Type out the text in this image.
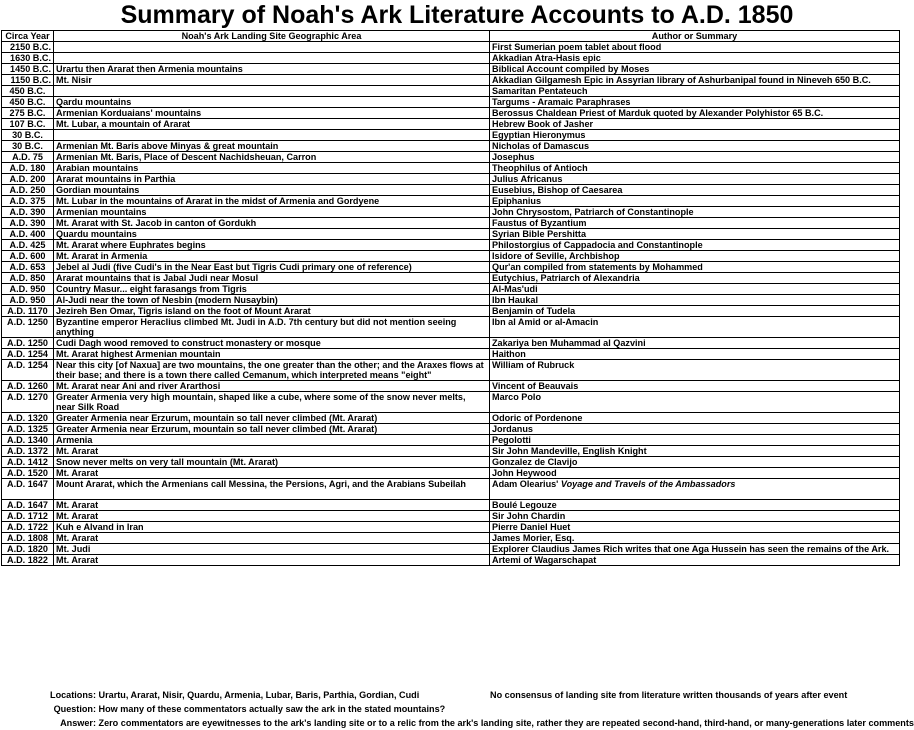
Summary of Noah's Ark Literature Accounts to A.D. 1850
Circa Year	Noah's Ark Landing Site Geographic Area	Author or Summary
2150 B.C.		First Sumerian poem tablet about flood
1630 B.C.		Akkadian Atra-Hasis epic
1450 B.C.	Urartu then Ararat then Armenia mountains	Biblical Account compiled by Moses
1150 B.C.	Mt. Nisir	Akkadian Gilgamesh Epic in Assyrian library of Ashurbanipal found in Nineveh 650 B.C.
450 B.C.		Samaritan Pentateuch
450 B.C.	Qardu mountains	Targums - Aramaic Paraphrases
275 B.C.	Armenian Korduaians' mountains	Berossus Chaldean Priest of Marduk quoted by Alexander Polyhistor 65 B.C.
107 B.C.	Mt. Lubar, a mountain of Ararat	Hebrew Book of Jasher
30 B.C.		Egyptian Hieronymus
30 B.C.	Armenian Mt. Baris above Minyas & great mountain	Nicholas of Damascus
A.D. 75	Armenian Mt. Baris, Place of Descent Nachidsheuan, Carron	Josephus
A.D. 180	Arabian mountains	Theophilus of Antioch
A.D. 200	Ararat mountains in Parthia	Julius Africanus
A.D. 250	Gordian mountains	Eusebius, Bishop of Caesarea
A.D. 375	Mt. Lubar in the mountains of Ararat in the midst of Armenia and Gordyene	Epiphanius
A.D. 390	Armenian mountains	John Chrysostom, Patriarch of Constantinople
A.D. 390	Mt. Ararat with St. Jacob in canton of Gordukh	Faustus of Byzantium
A.D. 400	Quardu mountains	Syrian Bible Pershitta
A.D. 425	Mt. Ararat where Euphrates begins	Philostorgius of Cappadocia and Constantinople
A.D. 600	Mt. Ararat in Armenia	Isidore of Seville, Archbishop
A.D. 653	Jebel al Judi (five Cudi's in the Near East but Tigris Cudi primary one of reference)	Qur'an compiled from statements by Mohammed
A.D. 850	Ararat mountains that is Jabal Judi near Mosul	Eutychius, Patriarch of Alexandria
A.D. 950	Country Masur... eight farasangs from Tigris	Al-Mas'udi
A.D. 950	Al-Judi near the town of Nesbin (modern Nusaybin)	Ibn Haukal
A.D. 1170	Jezireh Ben Omar, Tigris island on the foot of Mount Ararat	Benjamin of Tudela
A.D. 1250	Byzantine emperor Heraclius climbed Mt. Judi in A.D. 7th century but did not mention seeing anything	Ibn al Amid or al-Amacin
A.D. 1250	Cudi Dagh wood removed to construct monastery or mosque	Zakariya ben Muhammad al Qazvini
A.D. 1254	Mt. Ararat highest Armenian mountain	Haithon
A.D. 1254	Near this city [of Naxua] are two mountains, the one greater than the other; and the Araxes flows at their base; and there is a town there called Cemanum, which interpreted means "eight"	William of Rubruck
A.D. 1260	Mt. Ararat near Ani and river Ararthosi	Vincent of Beauvais
A.D. 1270	Greater Armenia very high mountain, shaped like a cube, where some of the snow never melts, near Silk Road	Marco Polo
A.D. 1320	Greater Armenia near Erzurum, mountain so tall never climbed (Mt. Ararat)	Odoric of Pordenone
A.D. 1325	Greater Armenia near Erzurum, mountain so tall never climbed (Mt. Ararat)	Jordanus
A.D. 1340	Armenia	Pegolotti
A.D. 1372	Mt. Ararat	Sir John Mandeville, English Knight
A.D. 1412	Snow never melts on very tall mountain (Mt. Ararat)	Gonzalez de Clavijo
A.D. 1520	Mt. Ararat	John Heywood
A.D. 1647	Mount Ararat, which the Armenians call Messina, the Persions, Agri, and the Arabians Subeilah	Adam Olearius' Voyage and Travels of the Ambassadors
A.D. 1647	Mt. Ararat	Boulé Legouze
A.D. 1712	Mt. Ararat	Sir John Chardin
A.D. 1722	Kuh e Alvand in Iran	Pierre Daniel Huet
A.D. 1808	Mt. Ararat	James Morier, Esq.
A.D. 1820	Mt. Judi	Explorer Claudius James Rich writes that one Aga Hussein has seen the remains of the Ark.
A.D. 1822	Mt. Ararat	Artemi of Wagarschapat
Locations: Urartu, Ararat, Nisir, Quardu, Armenia, Lubar, Baris, Parthia, Gordian, Cudi	No consensus of landing site from literature written thousands of years after event
Question: How many of these commentators actually saw the ark in the stated mountains?
Answer: Zero commentators are eyewitnesses to the ark's landing site or to a relic from the ark's landing site, rather they are repeated second-hand, third-hand, or many-generations later comments
